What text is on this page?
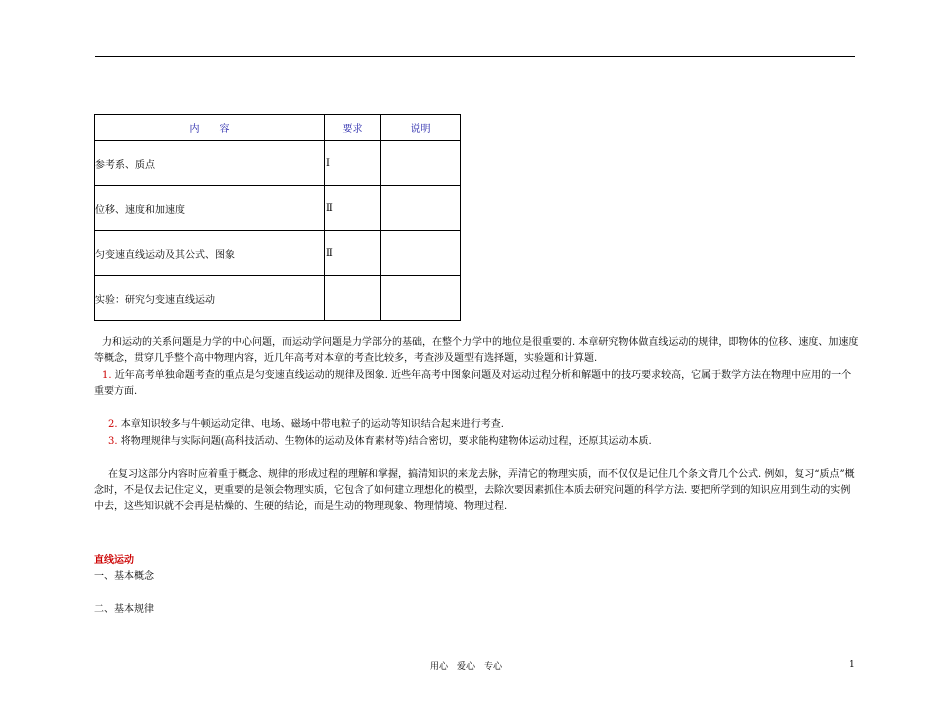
内　　容	要求	说明
参考系、质点	Ⅰ	
位移、速度和加速度	Ⅱ	
匀变速直线运动及其公式、图象	Ⅱ	
实验：研究匀变速直线运动		
力和运动的关系问题是力学的中心问题，而运动学问题是力学部分的基础，在整个力学中的地位是很重要的. 本章研究物体做直线运动的规律，即物体的位移、速度、加速度等概念，贯穿几乎整个高中物理内容，近几年高考对本章的考查比较多，考查涉及题型有选择题，实验题和计算题.
1. 近年高考单独命题考查的重点是匀变速直线运动的规律及图象. 近些年高考中图象问题及对运动过程分析和解题中的技巧要求较高，它属于数学方法在物理中应用的一个重要方面.
2. 本章知识较多与牛顿运动定律、电场、磁场中带电粒子的运动等知识结合起来进行考查.
3. 将物理规律与实际问题(高科技活动、生物体的运动及体育素材等)结合密切，要求能构建物体运动过程，还原其运动本质.
在复习这部分内容时应着重于概念、规律的形成过程的理解和掌握，搞清知识的来龙去脉，弄清它的物理实质，而不仅仅是记住几个条文背几个公式. 例如，复习“质点”概念时，不是仅去记住定义，更重要的是领会物理实质，它包含了如何建立理想化的模型，去除次要因素抓住本质去研究问题的科学方法. 要把所学到的知识应用到生动的实例中去，这些知识就不会再是枯燥的、生硬的结论，而是生动的物理现象、物理情境、物理过程.
直线运动
一、基本概念
二、基本规律
用心　爱心　专心	1
